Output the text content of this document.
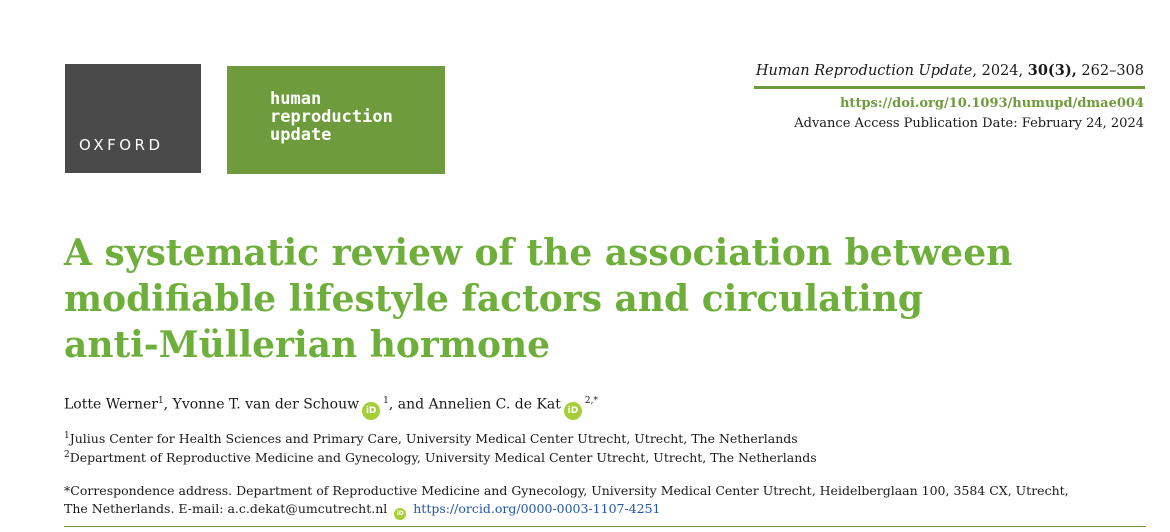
OXFORD
human
reproduction
update
Human Reproduction Update, 2024, 30(3), 262–308
https://doi.org/10.1093/humupd/dmae004
Advance Access Publication Date: February 24, 2024
A systematic review of the association between
modifiable lifestyle factors and circulating
anti-Müllerian hormone
Lotte Werner$^1$, Yvonne T. van der Schouw $iD^1$, and Annelien C. de Kat $iD^{2,*}$
$^1$Julius Center for Health Sciences and Primary Care, University Medical Center Utrecht, Utrecht, The Netherlands
$^2$Department of Reproductive Medicine and Gynecology, University Medical Center Utrecht, Utrecht, The Netherlands
*Correspondence address. Department of Reproductive Medicine and Gynecology, University Medical Center Utrecht, Heidelberglaan 100, 3584 CX, Utrecht,
The Netherlands. E-mail: a.c.dekat@umcutrecht.nl iD https://orcid.org/0000-0003-1107-4251
